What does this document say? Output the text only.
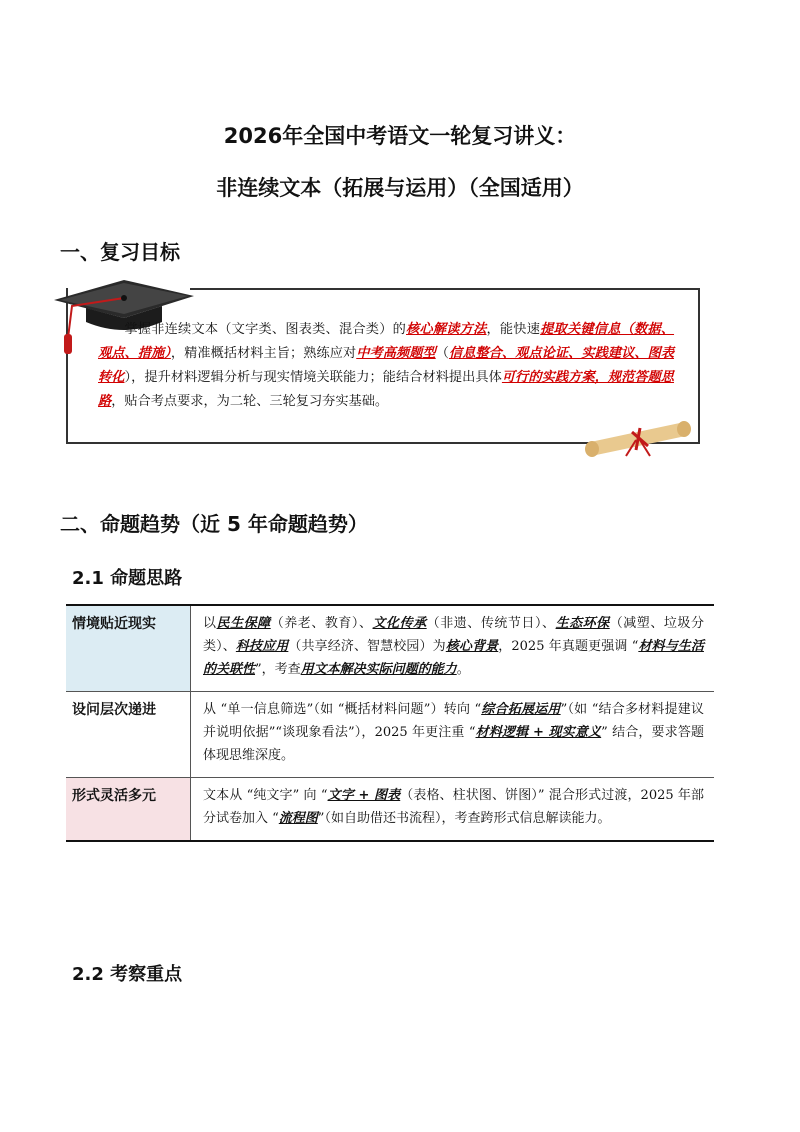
2026年全国中考语文一轮复习讲义：
非连续文本（拓展与运用）（全国适用）
一、复习目标
掌握非连续文本（文字类、图表类、混合类）的核心解读方法，能快速提取关键信息（数据、观点、措施），精准概括材料主旨；熟练应对中考高频题型（信息整合、观点论证、实践建议、图表转化），提升材料逻辑分析与现实情境关联能力；能结合材料提出具体可行的实践方案，规范答题思路，贴合考点要求，为二轮、三轮复习夯实基础。
二、命题趋势（近 5 年命题趋势）
2.1 命题思路
情境贴近现实	以民生保障（养老、教育）、文化传承（非遗、传统节日）、生态环保（减塑、垃圾分类）、科技应用（共享经济、智慧校园）为核心背景，2025 年真题更强调 “材料与生活的关联性”，考查用文本解决实际问题的能力。
设问层次递进	从 “单一信息筛选”（如 “概括材料问题”）转向 “综合拓展运用”（如 “结合多材料提建议并说明依据”“谈现象看法”），2025 年更注重 “材料逻辑 + 现实意义” 结合，要求答题体现思维深度。
形式灵活多元	文本从 “纯文字” 向 “文字 + 图表（表格、柱状图、饼图）” 混合形式过渡，2025 年部分试卷加入 “流程图”（如自助借还书流程），考查跨形式信息解读能力。
2.2 考察重点
